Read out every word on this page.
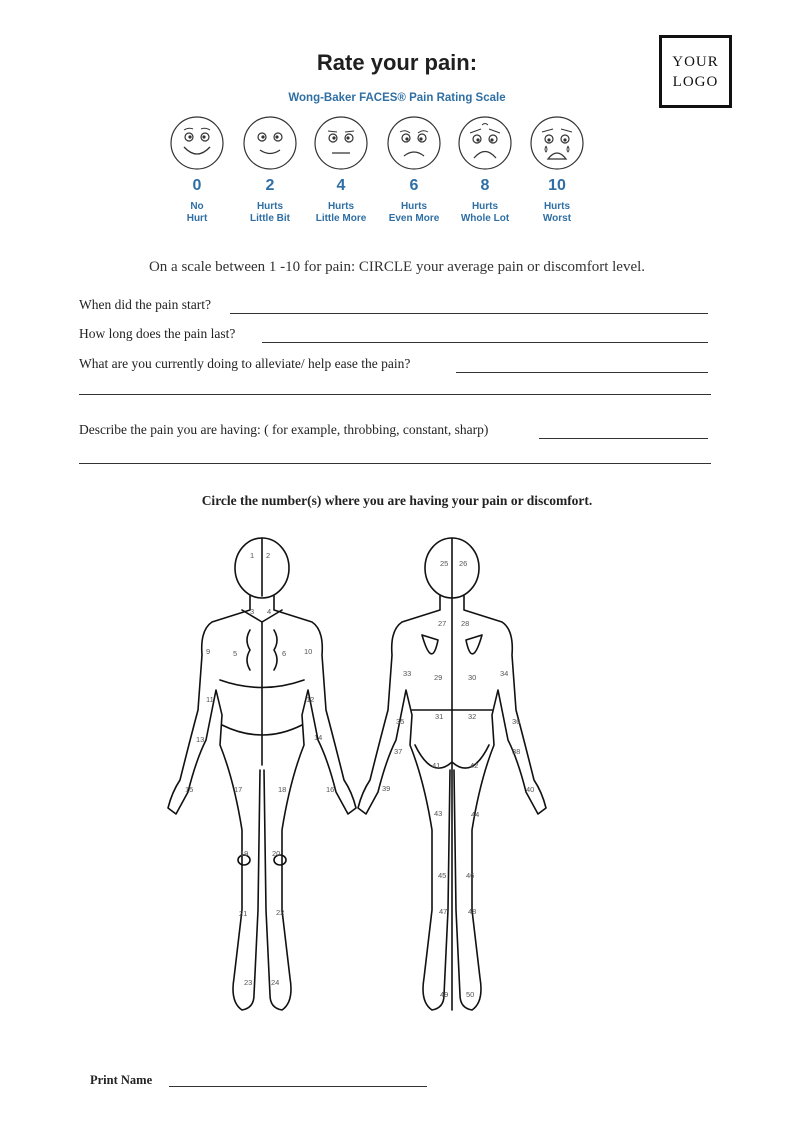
Rate your pain:
Wong-Baker FACES® Pain Rating Scale
YOUR
LOGO
0
No
Hurt
2
Hurts
Little Bit
4
Hurts
Little More
6
Hurts
Even More
8
Hurts
Whole Lot
10
Hurts
Worst
On a scale between 1 -10 for pain: CIRCLE your average pain or discomfort level.
When did the pain start?
How long does the pain last?
What are you currently doing to alleviate/ help ease the pain?
Describe the pain you are having: ( for example, throbbing, constant, sharp)
Circle the number(s) where you are having your pain or discomfort.
1 2
3 4
5	6
9	10
11	12
13	14
15	16
17	18
19	20
21	22
23 24
25 26
27 28
29	30
31	32
33	34
35	36
37	38
39	40
41	42
43	44
45	46
47	48
49 50
Print Name
